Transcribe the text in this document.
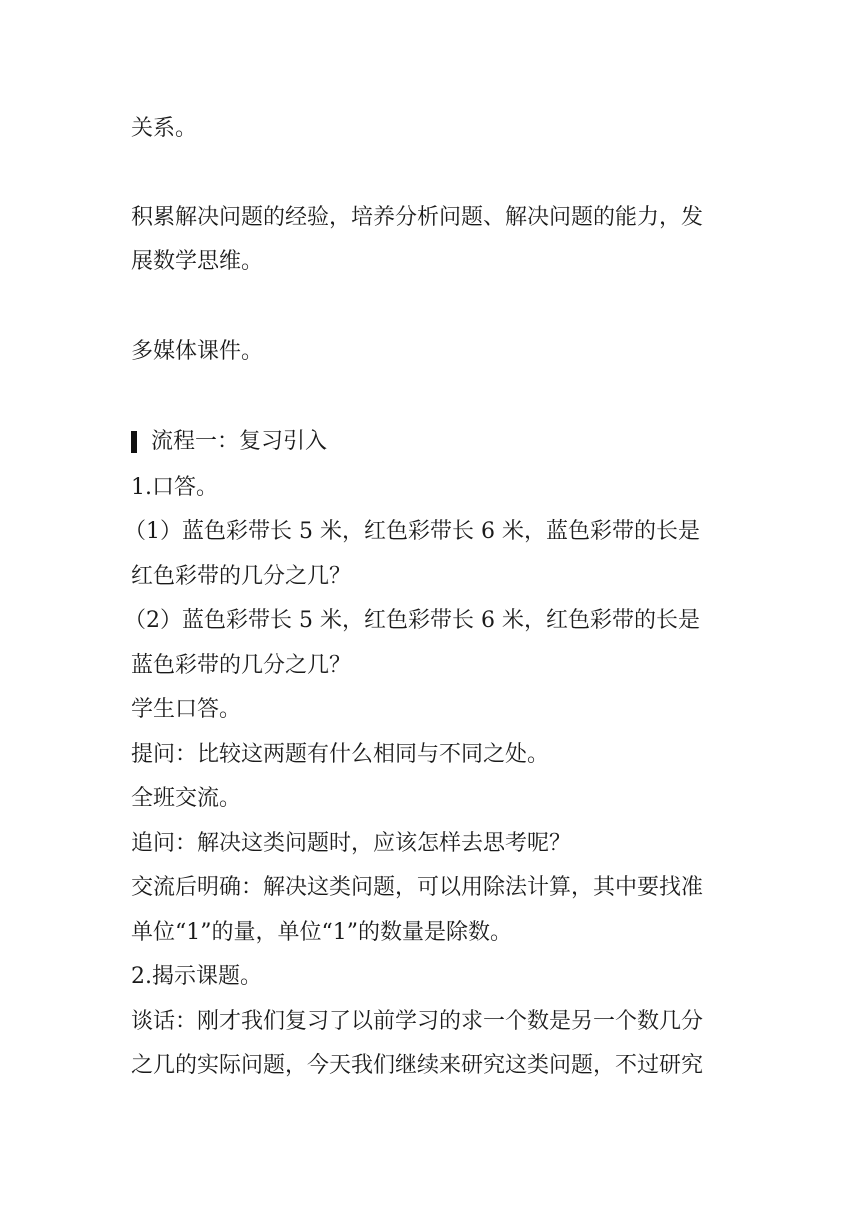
关系。
积累解决问题的经验，培养分析问题、解决问题的能力，发
展数学思维。
多媒体课件。
流程一：复习引入
1.口答。
（1）蓝色彩带长 5 米，红色彩带长 6 米，蓝色彩带的长是
红色彩带的几分之几？
（2）蓝色彩带长 5 米，红色彩带长 6 米，红色彩带的长是
蓝色彩带的几分之几？
学生口答。
提问：比较这两题有什么相同与不同之处。
全班交流。
追问：解决这类问题时，应该怎样去思考呢？
交流后明确：解决这类问题，可以用除法计算，其中要找准
单位“1”的量，单位“1”的数量是除数。
2.揭示课题。
谈话：刚才我们复习了以前学习的求一个数是另一个数几分
之几的实际问题，今天我们继续来研究这类问题，不过研究
